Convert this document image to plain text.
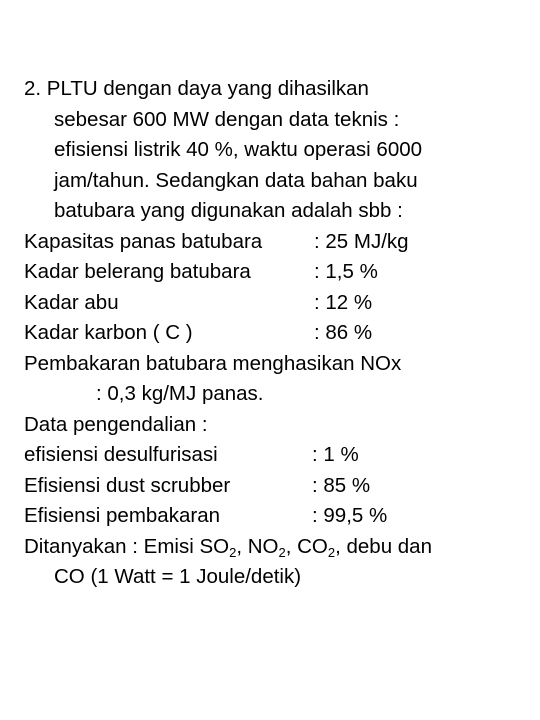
2. PLTU dengan daya yang dihasilkan
sebesar 600 MW dengan data teknis :
efisiensi listrik 40 %, waktu operasi 6000
jam/tahun. Sedangkan data bahan baku
batubara yang digunakan adalah sbb :
Kapasitas panas batubara	: 25 MJ/kg
Kadar belerang batubara	: 1,5 %
Kadar abu	: 12 %
Kadar karbon ( C )	: 86 %
Pembakaran batubara menghasikan NOx
: 0,3 kg/MJ panas.
Data pengendalian :
efisiensi desulfurisasi	: 1 %
Efisiensi dust scrubber	: 85 %
Efisiensi pembakaran	: 99,5 %
Ditanyakan : Emisi $SO_2$, $NO_2$, $CO_2$, debu dan
CO (1 Watt = 1 Joule/detik)
